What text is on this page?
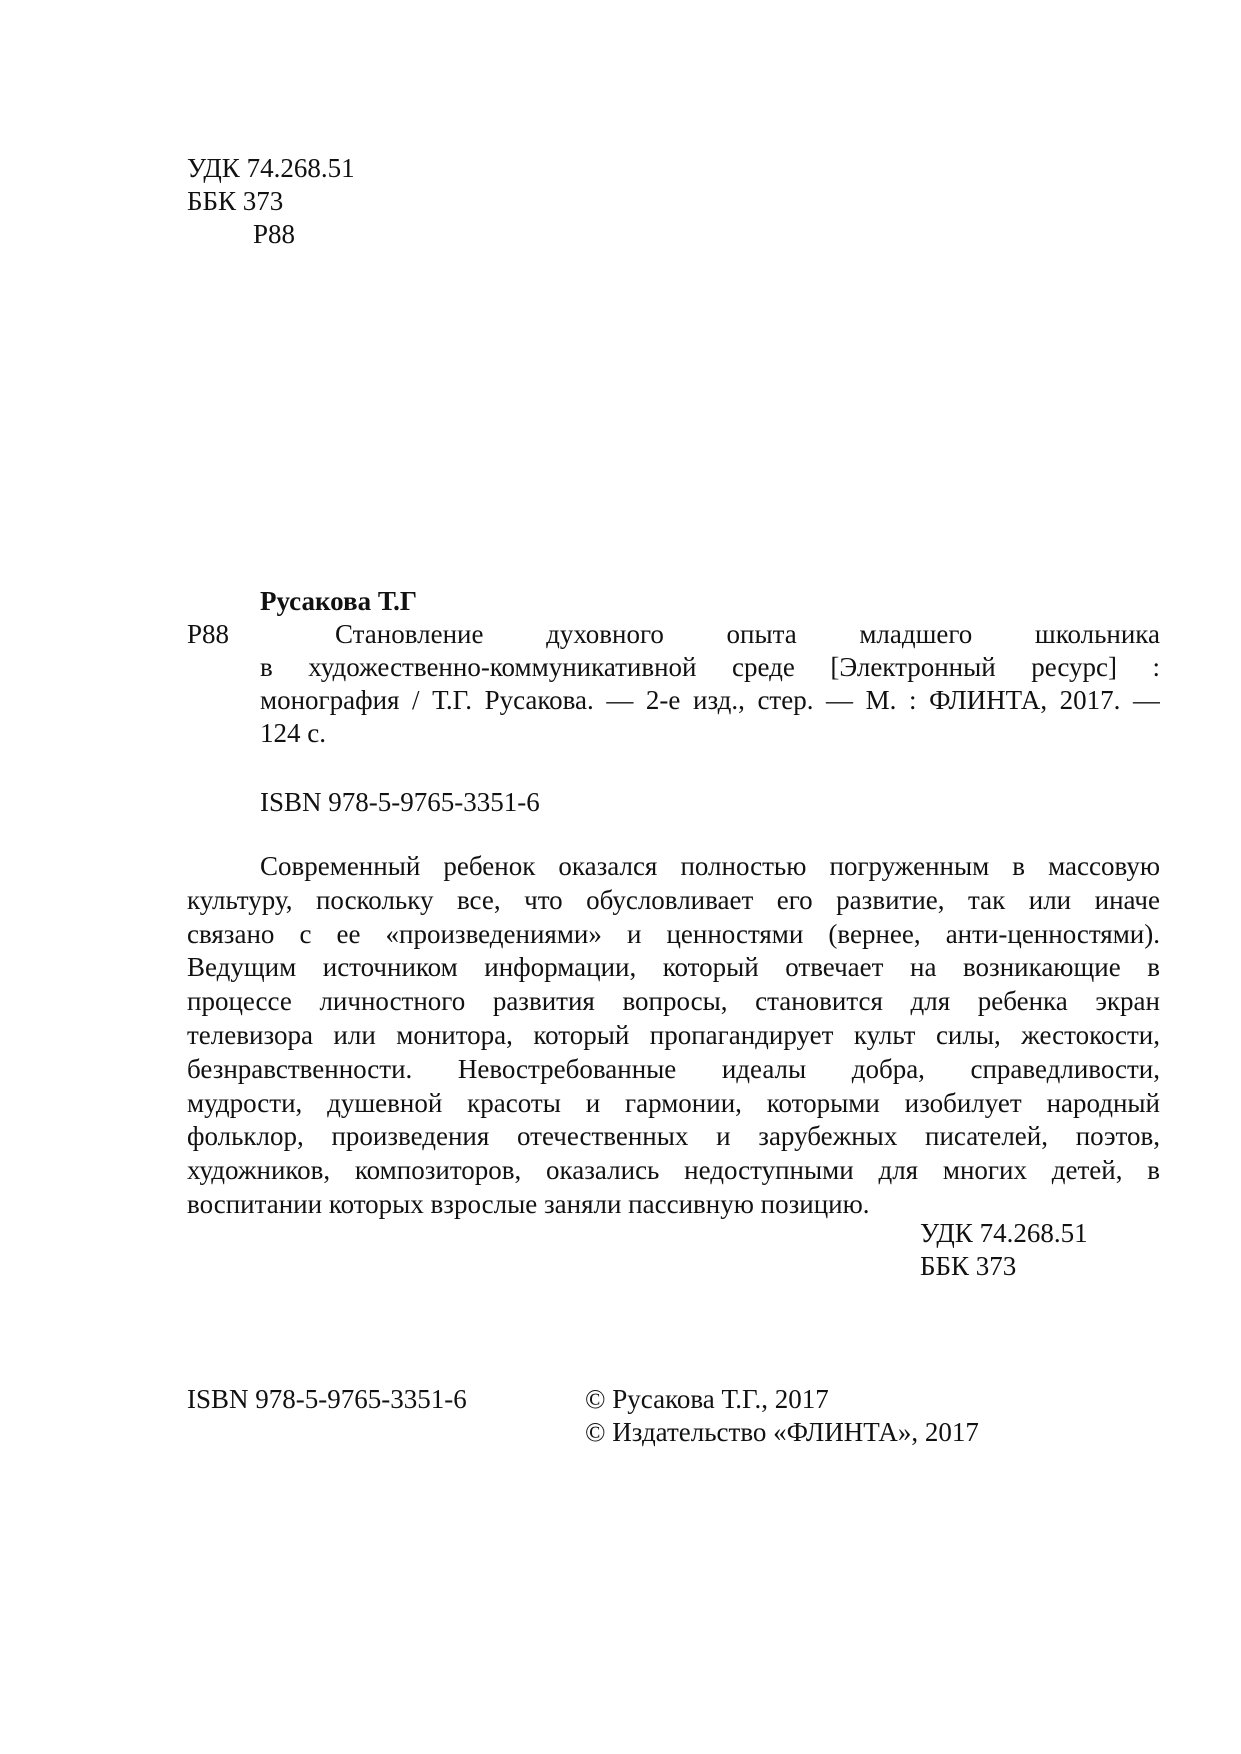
УДК 74.268.51
ББК 373
Р88
Русакова Т.Г
Р88	Становление духовного опыта младшего школьника
в художественно-коммуникативной среде [Электронный ресурс] :
монография / Т.Г. Русакова. — 2-е изд., стер. — М. : ФЛИНТА, 2017. —
124 с.
ISBN 978-5-9765-3351-6
Современный ребенок оказался полностью погруженным в массовую
культуру, поскольку все, что обусловливает его развитие, так или иначе
связано с ее «произведениями» и ценностями (вернее, анти-ценностями).
Ведущим источником информации, который отвечает на возникающие в
процессе личностного развития вопросы, становится для ребенка экран
телевизора или монитора, который пропагандирует культ силы, жестокости,
безнравственности. Невостребованные идеалы добра, справедливости,
мудрости, душевной красоты и гармонии, которыми изобилует народный
фольклор, произведения отечественных и зарубежных писателей, поэтов,
художников, композиторов, оказались недоступными для многих детей, в
воспитании которых взрослые заняли пассивную позицию.
УДК 74.268.51
ББК 373
ISBN 978-5-9765-3351-6	© Русакова Т.Г., 2017
© Издательство «ФЛИНТА», 2017
